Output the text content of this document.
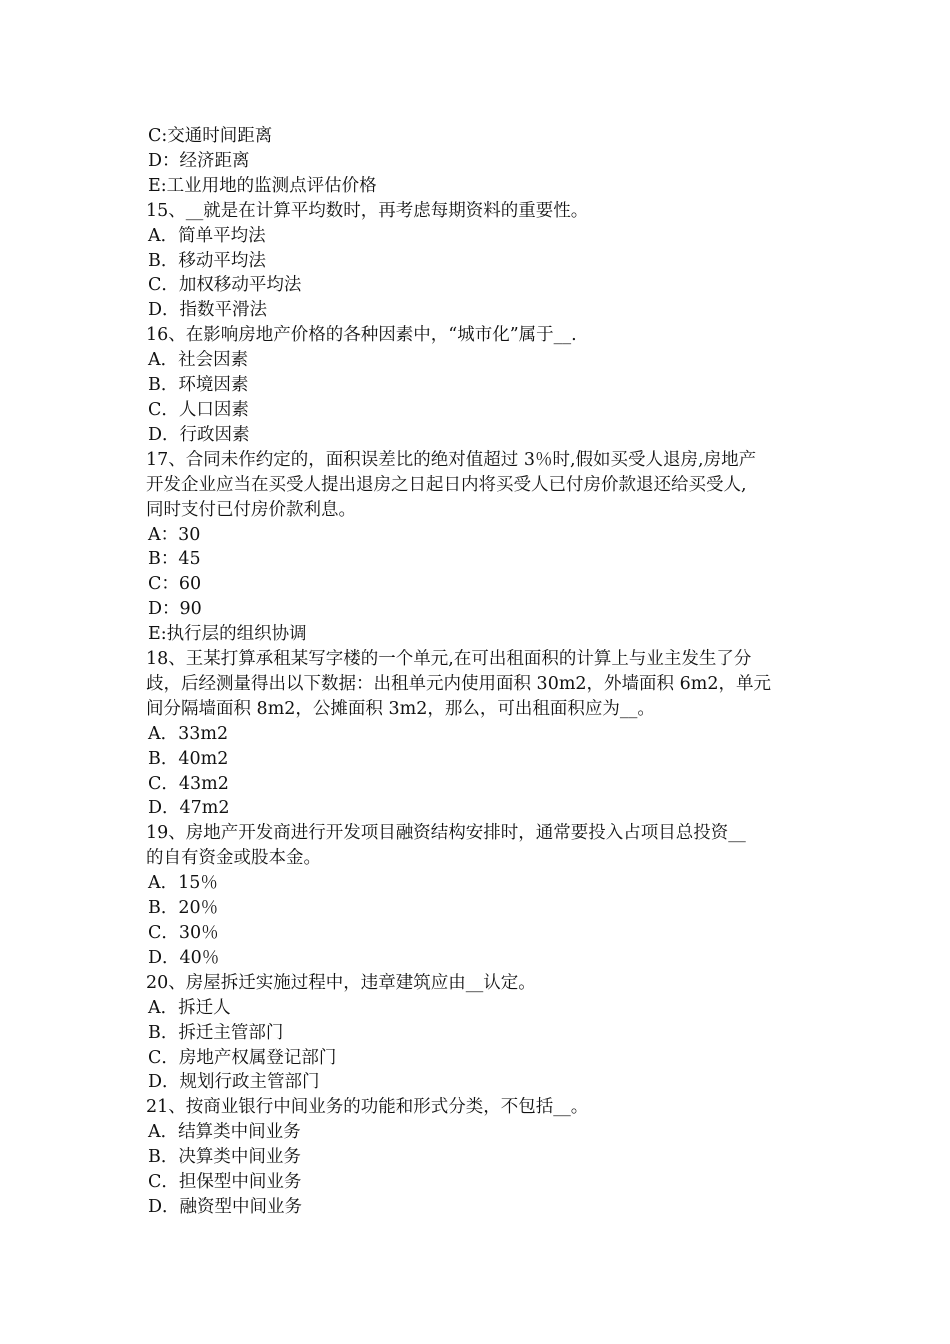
C:交通时间距离
D：经济距离
E:工业用地的监测点评估价格
15、__就是在计算平均数时，再考虑每期资料的重要性。
A．简单平均法
B．移动平均法
C．加权移动平均法
D．指数平滑法
16、在影响房地产价格的各种因素中，“城市化”属于__.
A．社会因素
B．环境因素
C．人口因素
D．行政因素
17、合同未作约定的，面积误差比的绝对值超过 3％时,假如买受人退房,房地产
开发企业应当在买受人提出退房之日起日内将买受人已付房价款退还给买受人,
同时支付已付房价款利息。
A：30
B：45
C：60
D：90
E:执行层的组织协调
18、王某打算承租某写字楼的一个单元,在可出租面积的计算上与业主发生了分
歧，后经测量得出以下数据：出租单元内使用面积 30m2，外墙面积 6m2，单元
间分隔墙面积 8m2，公摊面积 3m2，那么，可出租面积应为__。
A．33m2
B．40m2
C．43m2
D．47m2
19、房地产开发商进行开发项目融资结构安排时，通常要投入占项目总投资__
的自有资金或股本金。
A．15％
B．20％
C．30％
D．40％
20、房屋拆迁实施过程中，违章建筑应由__认定。
A．拆迁人
B．拆迁主管部门
C．房地产权属登记部门
D．规划行政主管部门
21、按商业银行中间业务的功能和形式分类，不包括__。
A．结算类中间业务
B．决算类中间业务
C．担保型中间业务
D．融资型中间业务
